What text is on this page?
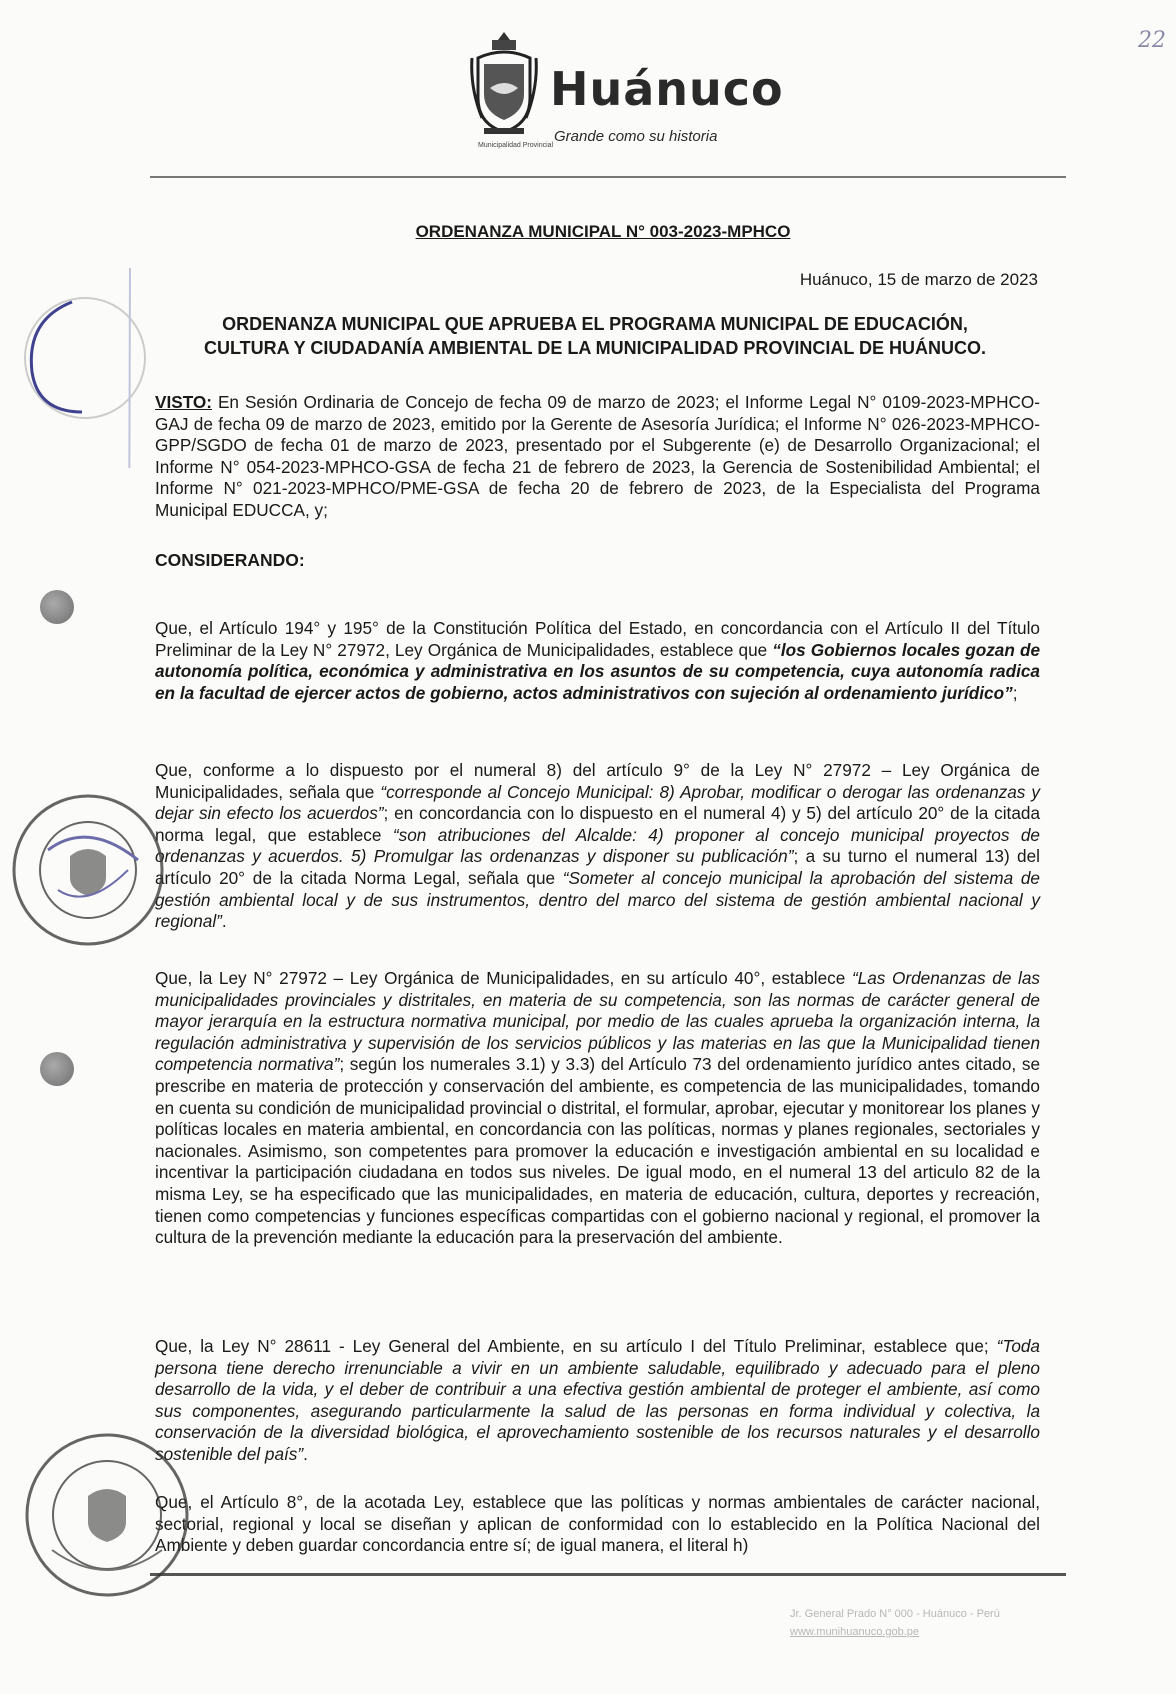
Municipalidad Provincial
Huánuco
Grande como su historia
22
ORDENANZA MUNICIPAL N° 003-2023-MPHCO
Huánuco, 15 de marzo de 2023
ORDENANZA MUNICIPAL QUE APRUEBA EL PROGRAMA MUNICIPAL DE EDUCACIÓN,
CULTURA Y CIUDADANÍA AMBIENTAL DE LA MUNICIPALIDAD PROVINCIAL DE HUÁNUCO.
VISTO: En Sesión Ordinaria de Concejo de fecha 09 de marzo de 2023; el Informe Legal N° 0109-2023-MPHCO-GAJ de fecha 09 de marzo de 2023, emitido por la Gerente de Asesoría Jurídica; el Informe N° 026-2023-MPHCO-GPP/SGDO de fecha 01 de marzo de 2023, presentado por el Subgerente (e) de Desarrollo Organizacional; el Informe N° 054-2023-MPHCO-GSA de fecha 21 de febrero de 2023, la Gerencia de Sostenibilidad Ambiental; el Informe N° 021-2023-MPHCO/PME-GSA de fecha 20 de febrero de 2023, de la Especialista del Programa Municipal EDUCCA, y;
CONSIDERANDO:
Que, el Artículo 194° y 195° de la Constitución Política del Estado, en concordancia con el Artículo II del Título Preliminar de la Ley N° 27972, Ley Orgánica de Municipalidades, establece que “los Gobiernos locales gozan de autonomía política, económica y administrativa en los asuntos de su competencia, cuya autonomía radica en la facultad de ejercer actos de gobierno, actos administrativos con sujeción al ordenamiento jurídico”;
Que, conforme a lo dispuesto por el numeral 8) del artículo 9° de la Ley N° 27972 – Ley Orgánica de Municipalidades, señala que “corresponde al Concejo Municipal: 8) Aprobar, modificar o derogar las ordenanzas y dejar sin efecto los acuerdos”; en concordancia con lo dispuesto en el numeral 4) y 5) del artículo 20° de la citada norma legal, que establece “son atribuciones del Alcalde: 4) proponer al concejo municipal proyectos de ordenanzas y acuerdos. 5) Promulgar las ordenanzas y disponer su publicación”; a su turno el numeral 13) del artículo 20° de la citada Norma Legal, señala que “Someter al concejo municipal la aprobación del sistema de gestión ambiental local y de sus instrumentos, dentro del marco del sistema de gestión ambiental nacional y regional”.
Que, la Ley N° 27972 – Ley Orgánica de Municipalidades, en su artículo 40°, establece “Las Ordenanzas de las municipalidades provinciales y distritales, en materia de su competencia, son las normas de carácter general de mayor jerarquía en la estructura normativa municipal, por medio de las cuales aprueba la organización interna, la regulación administrativa y supervisión de los servicios públicos y las materias en las que la Municipalidad tienen competencia normativa”; según los numerales 3.1) y 3.3) del Artículo 73 del ordenamiento jurídico antes citado, se prescribe en materia de protección y conservación del ambiente, es competencia de las municipalidades, tomando en cuenta su condición de municipalidad provincial o distrital, el formular, aprobar, ejecutar y monitorear los planes y políticas locales en materia ambiental, en concordancia con las políticas, normas y planes regionales, sectoriales y nacionales. Asimismo, son competentes para promover la educación e investigación ambiental en su localidad e incentivar la participación ciudadana en todos sus niveles. De igual modo, en el numeral 13 del articulo 82 de la misma Ley, se ha especificado que las municipalidades, en materia de educación, cultura, deportes y recreación, tienen como competencias y funciones específicas compartidas con el gobierno nacional y regional, el promover la cultura de la prevención mediante la educación para la preservación del ambiente.
Que, la Ley N° 28611 - Ley General del Ambiente, en su artículo I del Título Preliminar, establece que; “Toda persona tiene derecho irrenunciable a vivir en un ambiente saludable, equilibrado y adecuado para el pleno desarrollo de la vida, y el deber de contribuir a una efectiva gestión ambiental de proteger el ambiente, así como sus componentes, asegurando particularmente la salud de las personas en forma individual y colectiva, la conservación de la diversidad biológica, el aprovechamiento sostenible de los recursos naturales y el desarrollo sostenible del país”.
Que, el Artículo 8°, de la acotada Ley, establece que las políticas y normas ambientales de carácter nacional, sectorial, regional y local se diseñan y aplican de conformidad con lo establecido en la Política Nacional del Ambiente y deben guardar concordancia entre sí; de igual manera, el literal h)
Jr. General Prado N° 000 - Huánuco - Perú
www.munihuanuco.gob.pe
